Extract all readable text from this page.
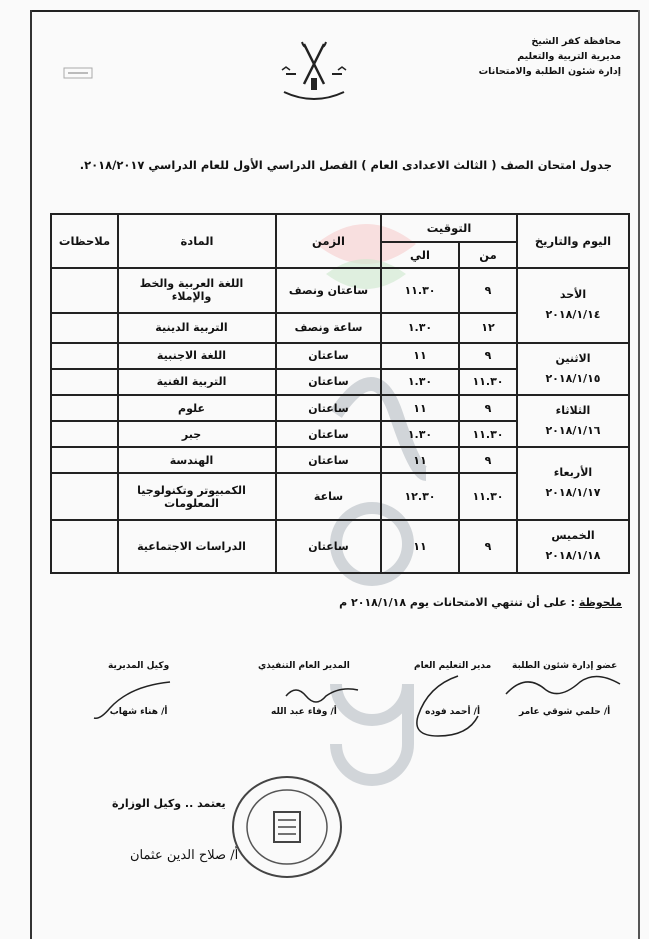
محافظة كفر الشيخ
مديرية التربية والتعليم
إدارة شئون الطلبة والامتحانات
جدول امتحان الصف ( الثالث الاعدادى العام ) الفصل الدراسي الأول للعام الدراسي ٢٠١٨/٢٠١٧.
اليوم والتاريخ	التوقيت		الزمن	المادة	ملاحظات
	من	الي			

الأحد
٢٠١٨/١/١٤	٩	١١.٣٠	ساعتان ونصف	اللغة العربية والخط والإملاء	
	١٢	١.٣٠	ساعة ونصف	التربية الدينية	

الاثنين
٢٠١٨/١/١٥	٩	١١	ساعتان	اللغة الاجنبية	
	١١.٣٠	١.٣٠	ساعتان	التربية الفنية	

الثلاثاء
٢٠١٨/١/١٦	٩	١١	ساعتان	علوم	
	١١.٣٠	١.٣٠	ساعتان	جبر	

الأربعاء
٢٠١٨/١/١٧	٩	١١	ساعتان	الهندسة	
	١١.٣٠	١٢.٣٠	ساعة	الكمبيوتر وتكنولوجيا المعلومات	

الخميس
٢٠١٨/١/١٨	٩	١١	ساعتان	الدراسات الاجتماعية	
ملحوظة : على أن تنتهي الامتحانات يوم ٢٠١٨/١/١٨ م
عضو إدارة شئون الطلبة
أ/ حلمي شوقي عامر
مدير التعليم العام
أ/ أحمد فوده
المدير العام التنفيذي
أ/ وفاء عبد الله
وكيل المديرية
أ/ هناء شهاب
يعتمد .. وكيل الوزارة
أ/ صلاح الدين عثمان
